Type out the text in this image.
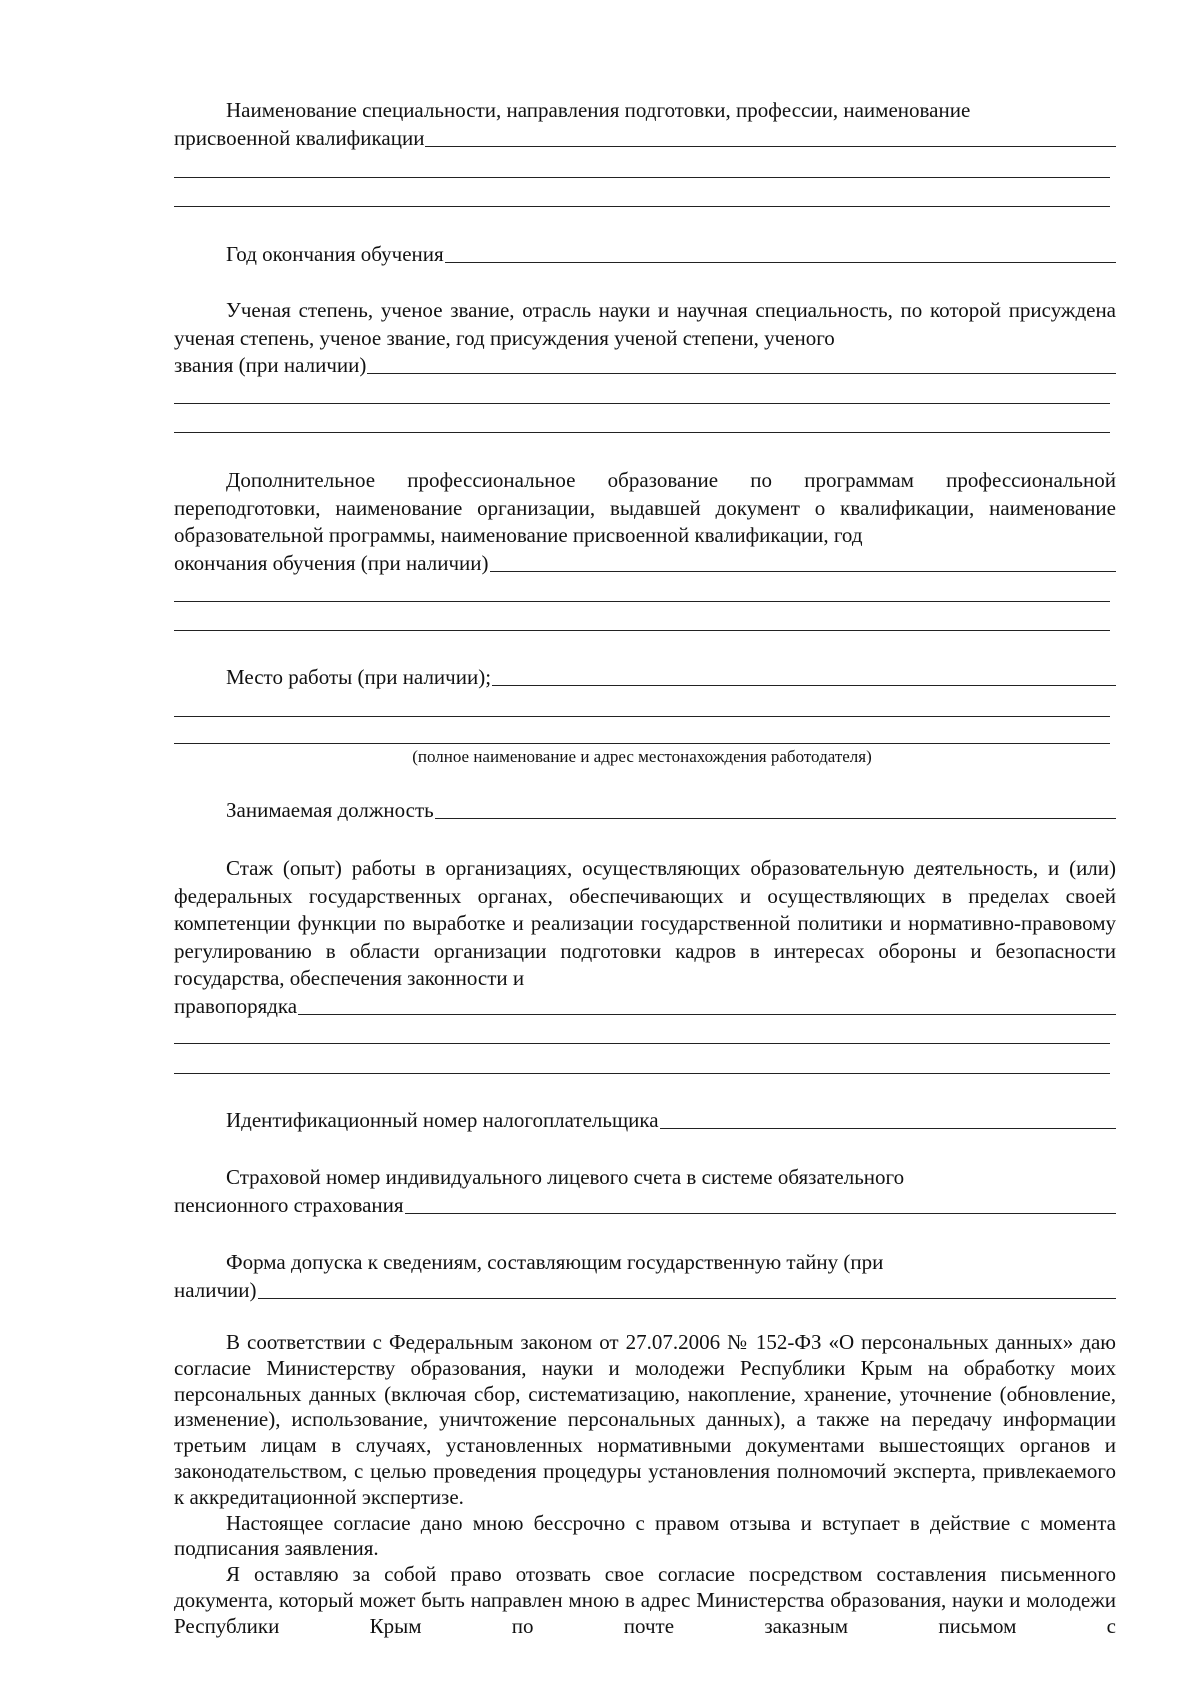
Наименование специальности, направления подготовки, профессии, наименование

присвоенной квалификации
Год окончания обучения

Ученая степень, ученое звание, отрасль науки и научная специальность, по которой присуждена ученая степень, ученое звание, год присуждения ученой степени, ученого

звания (при наличии)

Дополнительное профессиональное образование по программам профессиональной переподготовки, наименование организации, выдавшей документ о квалификации, наименование образовательной программы, наименование присвоенной квалификации, год

окончания обучения (при наличии)
Место работы (при наличии);
(полное наименование и адрес местонахождения работодателя)
Занимаемая должность

Стаж (опыт) работы в организациях, осуществляющих образовательную деятельность, и (или) федеральных государственных органах, обеспечивающих и осуществляющих в пределах своей компетенции функции по выработке и реализации государственной политики и нормативно-правовому регулированию в области организации подготовки кадров в интересах обороны и безопасности государства, обеспечения законности и

правопорядка
Идентификационный номер налогоплательщика

Страховой номер индивидуального лицевого счета в системе обязательного

пенсионного страхования

Форма допуска к сведениям, составляющим государственную тайну (при

наличии)

В соответствии с Федеральным законом от 27.07.2006 № 152-ФЗ «О персональных данных» даю согласие Министерству образования, науки и молодежи Республики Крым на обработку моих персональных данных (включая сбор, систематизацию, накопление, хранение, уточнение (обновление, изменение), использование, уничтожение персональных данных), а также на передачу информации третьим лицам в случаях, установленных нормативными документами вышестоящих органов и законодательством, с целью проведения процедуры установления полномочий эксперта, привлекаемого к аккредитационной экспертизе.

Настоящее согласие дано мною бессрочно с правом отзыва и вступает в действие с момента подписания заявления.

Я оставляю за собой право отозвать свое согласие посредством составления письменного документа, который может быть направлен мною в адрес Министерства образования, науки и молодежи Республики Крым по почте заказным письмом с
